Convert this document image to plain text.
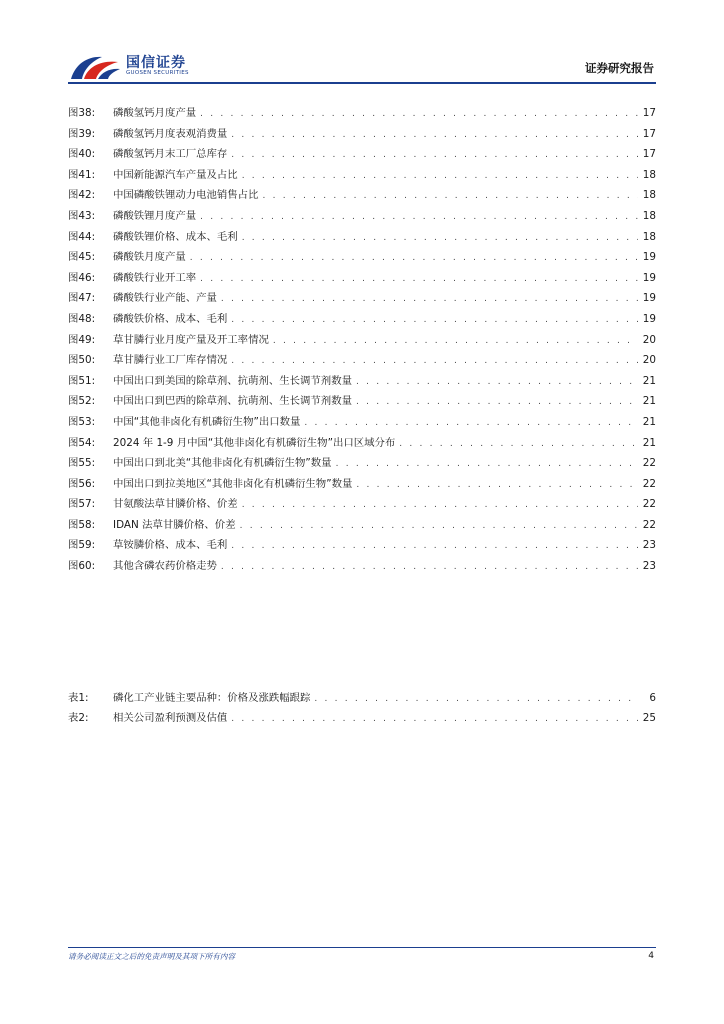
国信证券
GUOSEN SECURITIES	证券研究报告
图38:	磷酸氢钙月度产量 . . .	17
图39:	磷酸氢钙月度表观消费量 . . .	17
图40:	磷酸氢钙月末工厂总库存 . . .	17
图41:	中国新能源汽车产量及占比 . . .	18
图42:	中国磷酸铁锂动力电池销售占比 . . .	18
图43:	磷酸铁锂月度产量 . . .	18
图44:	磷酸铁锂价格、成本、毛利 . . .	18
图45:	磷酸铁月度产量 . . .	19
图46:	磷酸铁行业开工率 . . .	19
图47:	磷酸铁行业产能、产量 . . .	19
图48:	磷酸铁价格、成本、毛利 . . .	19
图49:	草甘膦行业月度产量及开工率情况 . . .	20
图50:	草甘膦行业工厂库存情况 . . .	20
图51:	中国出口到美国的除草剂、抗萌剂、生长调节剂数量 . . .	21
图52:	中国出口到巴西的除草剂、抗萌剂、生长调节剂数量 . . .	21
图53:	中国“其他非卤化有机磷衍生物”出口数量 . . .	21
图54:	2024 年 1-9 月中国“其他非卤化有机磷衍生物”出口区域分布 . . .	21
图55:	中国出口到北美“其他非卤化有机磷衍生物”数量 . . .	22
图56:	中国出口到拉美地区“其他非卤化有机磷衍生物”数量 . . .	22
图57:	甘氨酸法草甘膦价格、价差 . . .	22
图58:	IDAN 法草甘膦价格、价差 . . .	22
图59:	草铵膦价格、成本、毛利 . . .	23
图60:	其他含磷农药价格走势 . . .	23
表1:	磷化工产业链主要品种：价格及涨跌幅跟踪 . . .	6
表2:	相关公司盈利预测及估值 . . .	25
请务必阅读正文之后的免责声明及其项下所有内容	4
